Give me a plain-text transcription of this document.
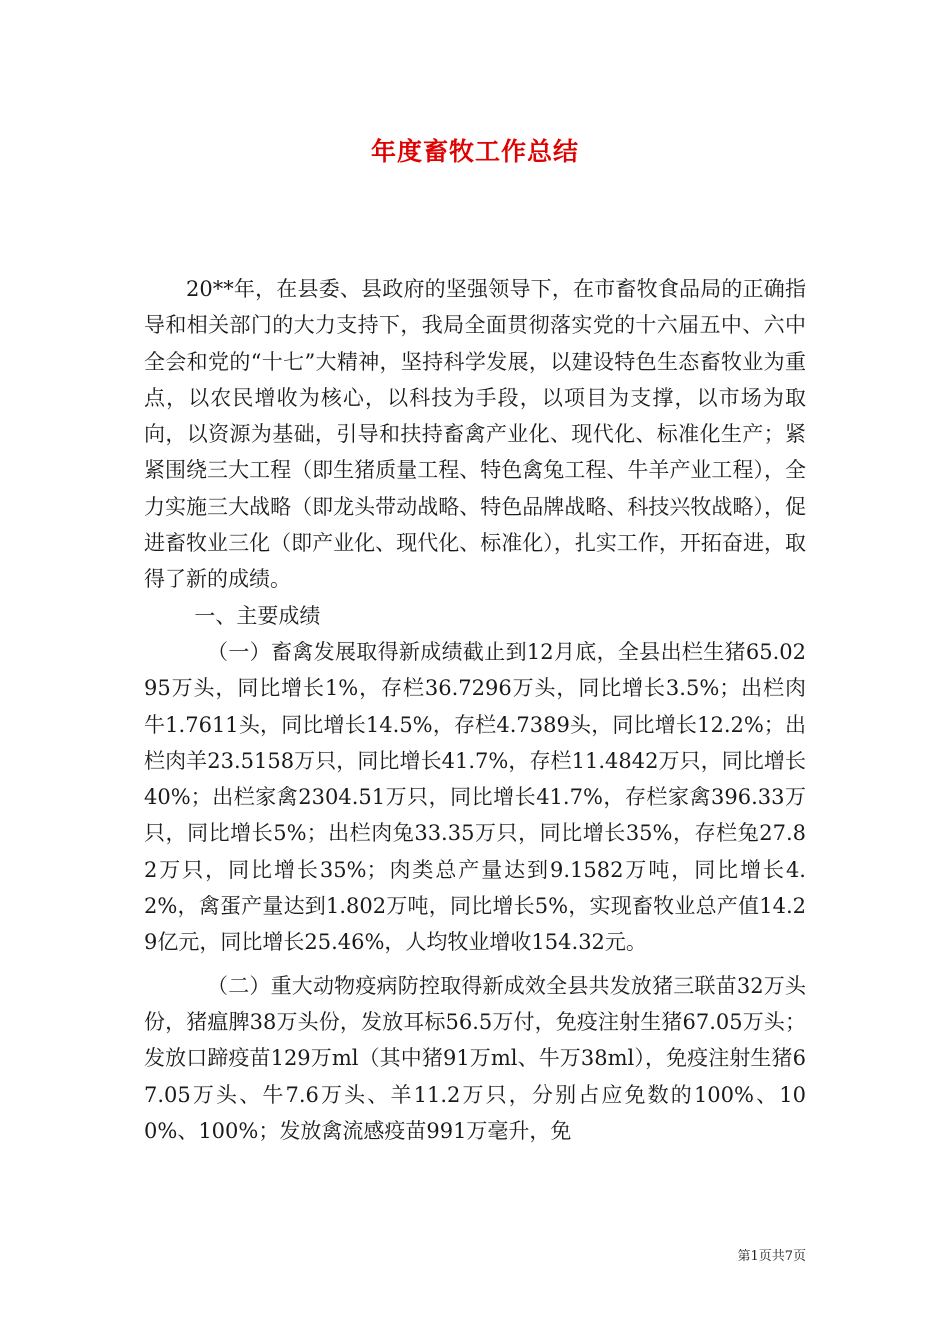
年度畜牧工作总结

20**年，在县委、县政府的坚强领导下，在市畜牧食品局的正确指导和相关部门的大力支持下，我局全面贯彻落实党的十六届五中、六中全会和党的“十七”大精神，坚持科学发展，以建设特色生态畜牧业为重点，以农民增收为核心，以科技为手段，以项目为支撑，以市场为取向，以资源为基础，引导和扶持畜禽产业化、现代化、标准化生产；紧紧围绕三大工程（即生猪质量工程、特色禽兔工程、牛羊产业工程），全力实施三大战略（即龙头带动战略、特色品牌战略、科技兴牧战略），促进畜牧业三化（即产业化、现代化、标准化），扎实工作，开拓奋进，取得了新的成绩。

一、主要成绩

（一）畜禽发展取得新成绩截止到12月底，全县出栏生猪65.0295万头，同比增长1%，存栏36.7296万头，同比增长3.5%；出栏肉牛1.7611头，同比增长14.5%，存栏4.7389头，同比增长12.2%；出栏肉羊23.5158万只，同比增长41.7%，存栏11.4842万只，同比增长40%；出栏家禽2304.51万只，同比增长41.7%，存栏家禽396.33万只，同比增长5%；出栏肉兔33.35万只，同比增长35%，存栏兔27.82万只，同比增长35%；肉类总产量达到9.1582万吨，同比增长4.2%，禽蛋产量达到1.802万吨，同比增长5%，实现畜牧业总产值14.29亿元，同比增长25.46%，人均牧业增收154.32元。

（二）重大动物疫病防控取得新成效全县共发放猪三联苗32万头份，猪瘟脾38万头份，发放耳标56.5万付，免疫注射生猪67.05万头；发放口蹄疫苗129万ml（其中猪91万ml、牛万38ml），免疫注射生猪67.05万头、牛7.6万头、羊11.2万只，分别占应免数的100%、100%、100%；发放禽流感疫苗991万毫升，免

第1页共7页
